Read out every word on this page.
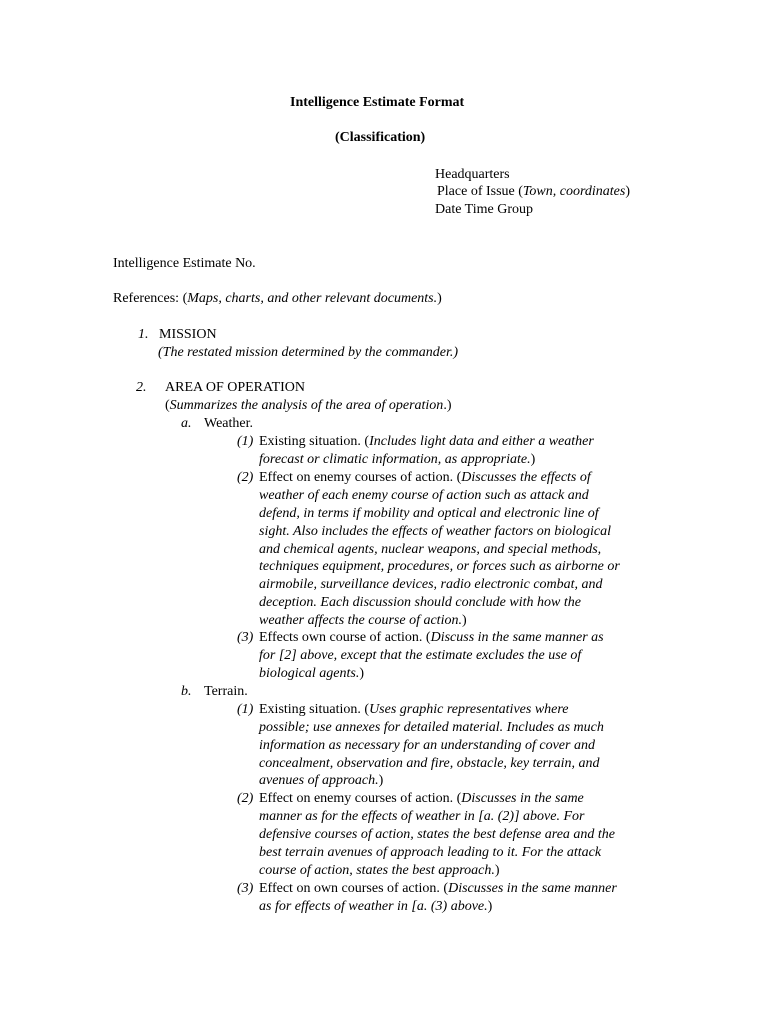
Intelligence Estimate Format
(Classification)
Headquarters
Place of Issue (Town, coordinates)
Date Time Group
Intelligence Estimate No.
References: (Maps, charts, and other relevant documents.)
1. MISSION
(The restated mission determined by the commander.)
2. AREA OF OPERATION
(Summarizes the analysis of the area of operation.)
a. Weather.
(1) Existing situation. (Includes light data and either a weather
forecast or climatic information, as appropriate.)
(2) Effect on enemy courses of action. (Discusses the effects of
weather of each enemy course of action such as attack and
defend, in terms if mobility and optical and electronic line of
sight. Also includes the effects of weather factors on biological
and chemical agents, nuclear weapons, and special methods,
techniques equipment, procedures, or forces such as airborne or
airmobile, surveillance devices, radio electronic combat, and
deception. Each discussion should conclude with how the
weather affects the course of action.)
(3) Effects own course of action. (Discuss in the same manner as
for [2] above, except that the estimate excludes the use of
biological agents.)
b. Terrain.
(1) Existing situation. (Uses graphic representatives where
possible; use annexes for detailed material. Includes as much
information as necessary for an understanding of cover and
concealment, observation and fire, obstacle, key terrain, and
avenues of approach.)
(2) Effect on enemy courses of action. (Discusses in the same
manner as for the effects of weather in [a. (2)] above. For
defensive courses of action, states the best defense area and the
best terrain avenues of approach leading to it. For the attack
course of action, states the best approach.)
(3) Effect on own courses of action. (Discusses in the same manner
as for effects of weather in [a. (3) above.)
